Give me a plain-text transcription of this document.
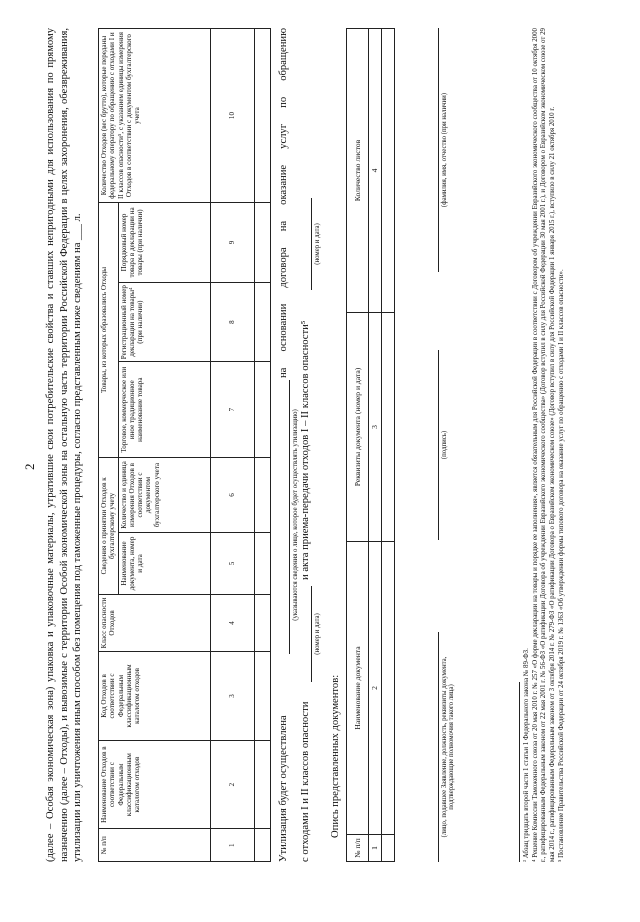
2 (далее – Особая экономическая зона) упаковка и упаковочные материалы, утратившие свои потребительские свойства и ставших непригодными для использования по прямому назначению (далее – Отходы), и вывозимые с территории Особой экономической зоны на остальную часть территории Российской Федерации в целях захоронения, обезвреживания, утилизации или уничтожения иным способом без помещения под таможенные процедуры, согласно представленным ниже сведениям на ___ л. № п/п	Наименование Отходов в соответствии с Федеральным классификационным каталогом отходов	Код Отходов в соответствии с Федеральным классификационным каталогом отходов	Класс опасности Отходов	Сведения о принятии Отходов к бухгалтерскому учету		Товары, из которых образовались Отходы			Количество Отходов (вес брутто), которые переданы федеральному оператору по обращению с отходами I и II классов опасности⁵, с указанием единицы измерения Отходов в соответствии с документом бухгалтерского учета
				Наименование документа, номер и дата	Количество и единица измерения Отходов в соответствии с документом бухгалтерского учета	Торговое, коммерческое или иное традиционное наименование товара	Регистрационный номер декларации на товары⁴ (при наличии)	Порядковый номер товара в декларации на товары (при наличии)	
1	2	3	4	5	6	7	8	9	10

Утилизация будет осуществлена
на основании договора на оказание услуг по обращению
(указываются сведения о лице, которое будет осуществлять утилизацию)
с отходами I и II классов опасности
и акта приема-передачи отходов I – II классов опасности⁵
(номер и дата)
(номер и дата)
Опись представленных документов:
№ п/п	Наименование документа	Реквизиты документа (номер и дата)	Количество листов
1	2	3	4

(лицо, подавшее Заявление, должность, реквизиты документа, подтверждающие полномочия такого лица)
(подпись)
(фамилия, имя, отчество (при наличии)
³ Абзац тридцать второй части 1 статьи 1 Федерального закона № 89-ФЗ. ⁴ Решение Комиссии Таможенного союза от 20 мая 2010 г. № 257 «О форме декларации на товары и порядке ее заполнения», является обязательным для Российской Федерации в соответствии с Договором об учреждении Евразийского экономического сообщества от 10 октября 2000 г., ратифицированным Федеральным законом от 22 мая 2001 г. № 56-ФЗ «О ратификации Договора об учреждении Евразийского экономического сообщества» (Договор вступил в силу для Российской Федерации 30 мая 2001 г.), и Договором о Евразийском экономическом союзе от 29 мая 2014 г., ратифицированным Федеральным законом от 3 октября 2014 г. № 279-ФЗ «О ратификации Договора о Евразийском экономическом союзе» (Договор вступил в силу для Российской Федерации 1 января 2015 г.), вступило в силу 21 октября 2010 г. ⁵ Постановление Правительства Российской Федерации от 24 октября 2019 г. № 1363 «Об утверждении формы типового договора на оказание услуг по обращению с отходами I и II классов опасности».
